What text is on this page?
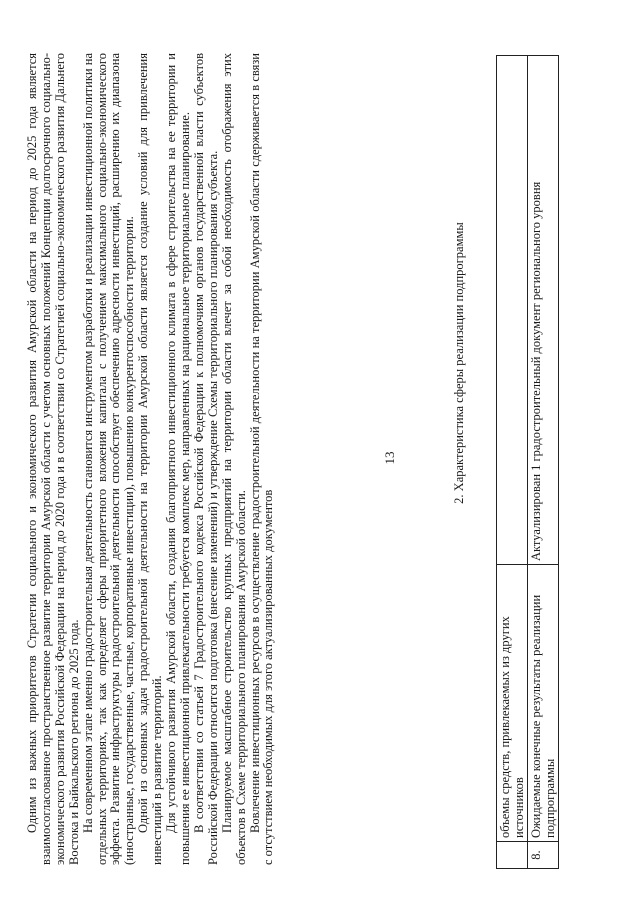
13
	объемы средств, привлекаемых из других источников	
8.	Ожидаемые конечные результаты реализации подпрограммы	Актуализирован 1 градостроительный документ регионального уровня
2. Характеристика сферы реализации подпрограммы

Одним из важных приоритетов Стратегии социального и экономического развития Амурской области на период до 2025 года является взаимосогласованное пространственное развитие территории Амурской области с учетом основных положений Концепции долгосрочного социально-экономического развития Российской Федерации на период до 2020 года и в соответствии со Стратегией социально-экономического развития Дальнего Востока и Байкальского региона до 2025 года. На современном этапе именно градостроительная деятельность становится инструментом разработки и реализации инвестиционной политики на отдельных территориях, так как определяет сферы приоритетного вложения капитала с получением максимального социально-экономического эффекта. Развитие инфраструктуры градостроительной деятельности способствует обеспечению адресности инвестиций, расширению их диапазона (иностранные, государственные, частные, корпоративные инвестиции), повышению конкурентоспособности территории. Одной из основных задач градостроительной деятельности на территории Амурской области является создание условий для привлечения инвестиций в развитие территорий. Для устойчивого развития Амурской области, создания благоприятного инвестиционного климата в сфере строительства на ее территории и повышения ее инвестиционной привлекательности требуется комплекс мер, направленных на рациональное территориальное планирование. В соответствии со статьей 7 Градостроительного кодекса Российской Федерации к полномочиям органов государственной власти субъектов Российской Федерации относится подготовка (внесение изменений) и утверждение Схемы территориального планирования субъекта. Планируемое масштабное строительство крупных предприятий на территории области влечет за собой необходимость отображения этих объектов в Схеме территориального планирования Амурской области. Вовлечение инвестиционных ресурсов в осуществление градостроительной деятельности на территории Амурской области сдерживается в связи с отсутствием необходимых для этого актуализированных документов
